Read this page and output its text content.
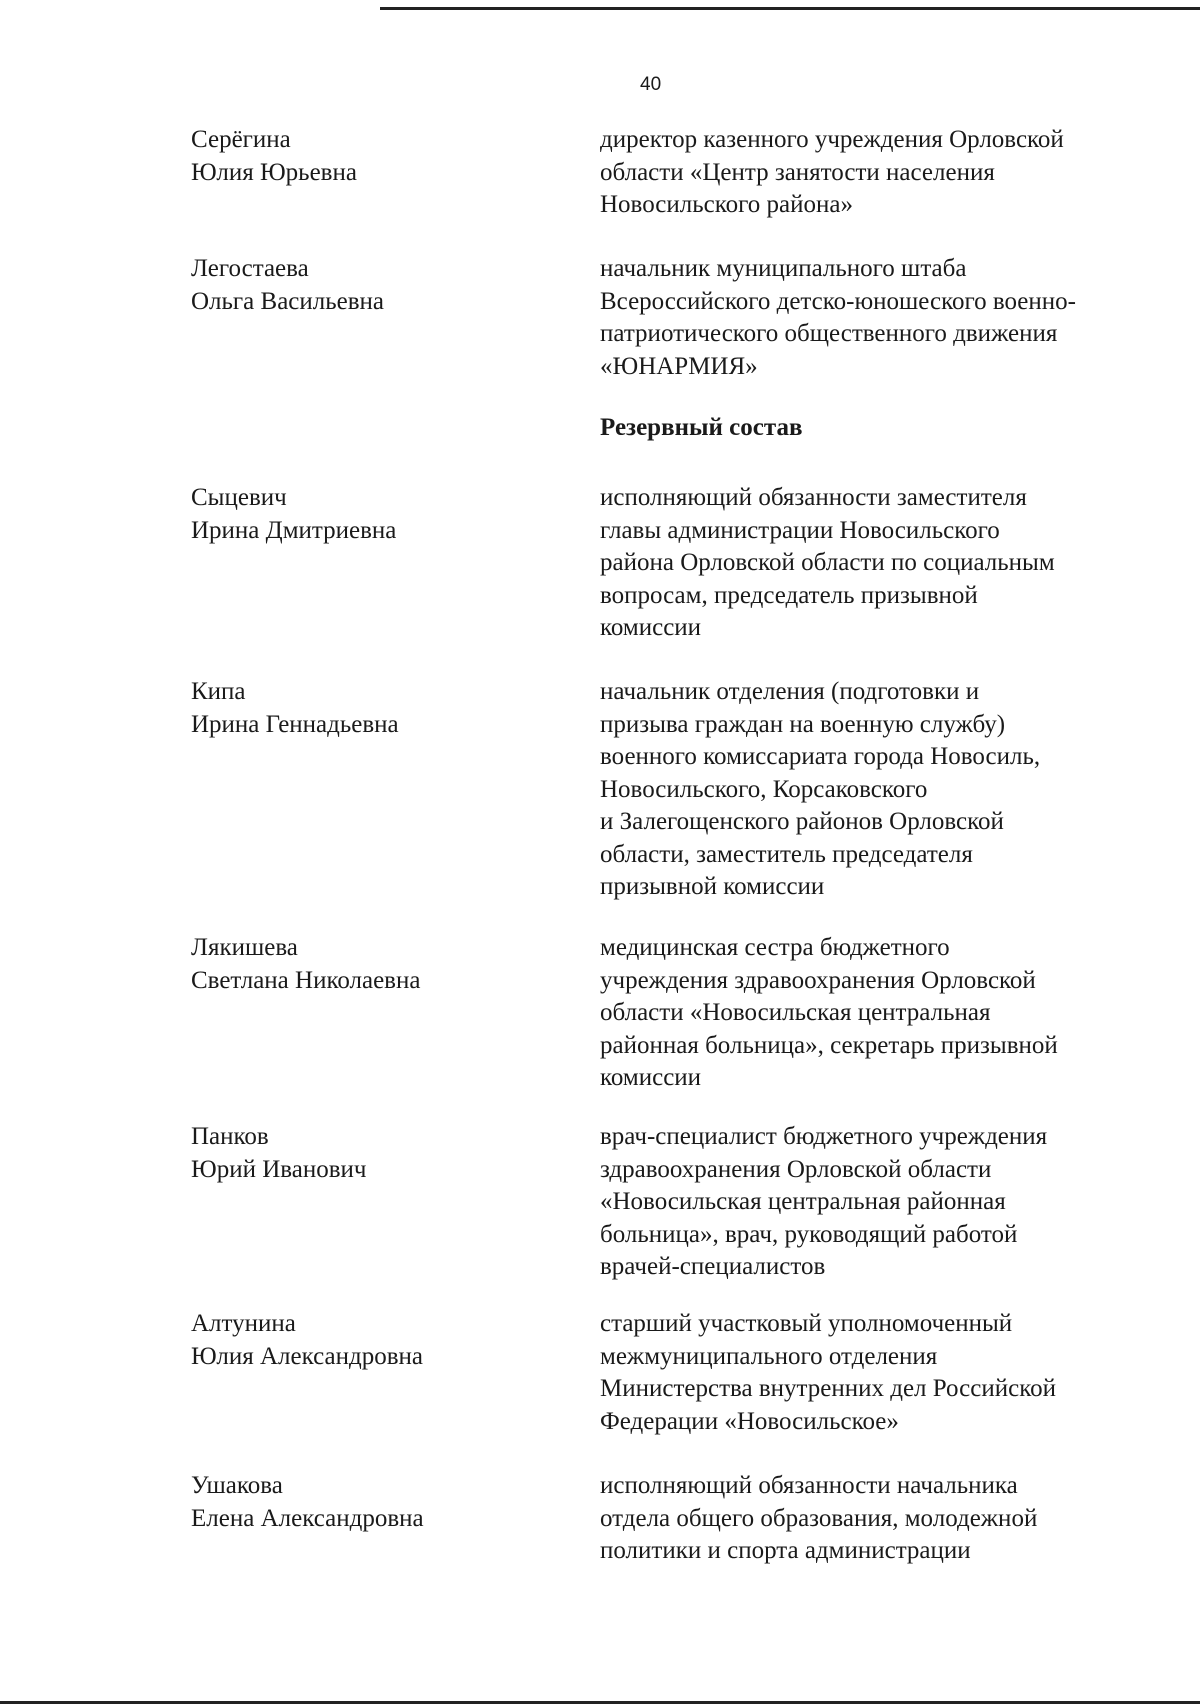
40
Серёгина
Юлия Юрьевна
директор казенного учреждения Орловской
области «Центр занятости населения
Новосильского района»
Легостаева
Ольга Васильевна
начальник муниципального штаба
Всероссийского детско-юношеского военно-
патриотического общественного движения
«ЮНАРМИЯ»
Резервный состав
Сыцевич
Ирина Дмитриевна
исполняющий обязанности заместителя
главы администрации Новосильского
района Орловской области по социальным
вопросам, председатель призывной
комиссии
Кипа
Ирина Геннадьевна
начальник отделения (подготовки и
призыва граждан на военную службу)
военного комиссариата города Новосиль,
Новосильского, Корсаковского
и Залегощенского районов Орловской
области, заместитель председателя
призывной комиссии
Лякишева
Светлана Николаевна
медицинская сестра бюджетного
учреждения здравоохранения Орловской
области «Новосильская центральная
районная больница», секретарь призывной
комиссии
Панков
Юрий Иванович
врач-специалист бюджетного учреждения
здравоохранения Орловской области
«Новосильская центральная районная
больница», врач, руководящий работой
врачей-специалистов
Алтунина
Юлия Александровна
старший участковый уполномоченный
межмуниципального отделения
Министерства внутренних дел Российской
Федерации «Новосильское»
Ушакова
Елена Александровна
исполняющий обязанности начальника
отдела общего образования, молодежной
политики и спорта администрации
